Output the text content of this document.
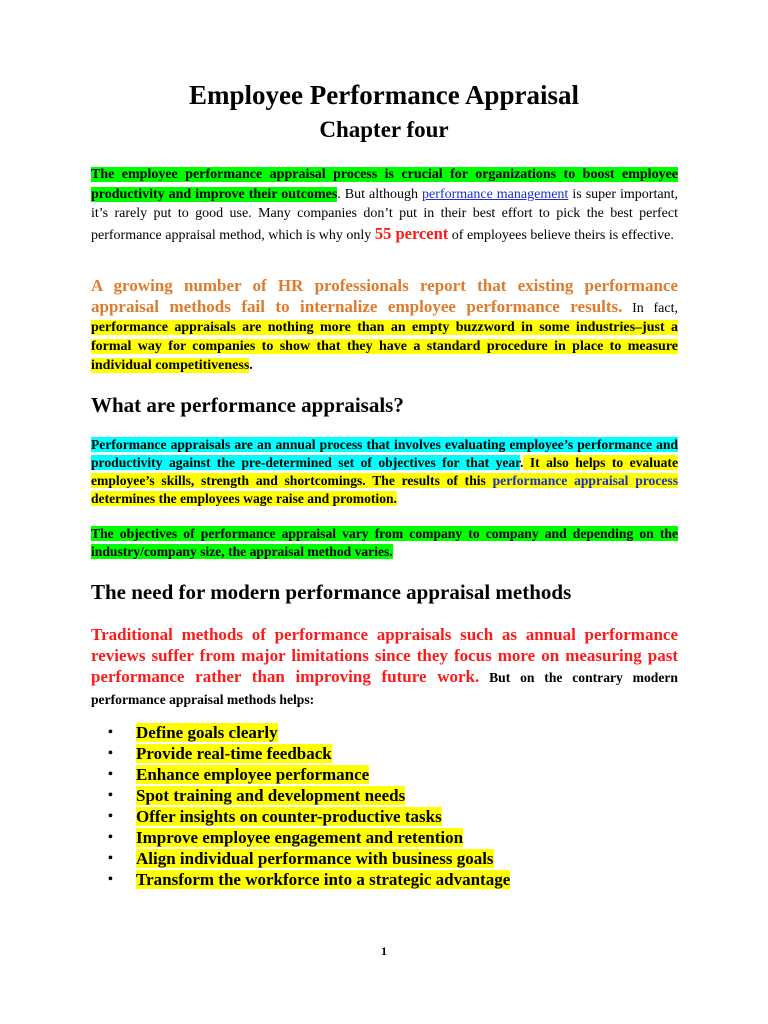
Employee Performance Appraisal
Chapter four
The employee performance appraisal process is crucial for organizations to boost employee productivity and improve their outcomes. But although performance management is super important, it’s rarely put to good use. Many companies don’t put in their best effort to pick the best perfect performance appraisal method, which is why only 55 percent of employees believe theirs is effective.
A growing number of HR professionals report that existing performance appraisal methods fail to internalize employee performance results. In fact, performance appraisals are nothing more than an empty buzzword in some industries–just a formal way for companies to show that they have a standard procedure in place to measure individual competitiveness.
What are performance appraisals?
Performance appraisals are an annual process that involves evaluating employee’s performance and productivity against the pre-determined set of objectives for that year. It also helps to evaluate employee’s skills, strength and shortcomings. The results of this performance appraisal process determines the employees wage raise and promotion.
The objectives of performance appraisal vary from company to company and depending on the industry/company size, the appraisal method varies.
The need for modern performance appraisal methods
Traditional methods of performance appraisals such as annual performance reviews suffer from major limitations since they focus more on measuring past performance rather than improving future work. But on the contrary modern performance appraisal methods helps:
• Define goals clearly
• Provide real-time feedback
• Enhance employee performance
• Spot training and development needs
• Offer insights on counter-productive tasks
• Improve employee engagement and retention
• Align individual performance with business goals
• Transform the workforce into a strategic advantage
1
